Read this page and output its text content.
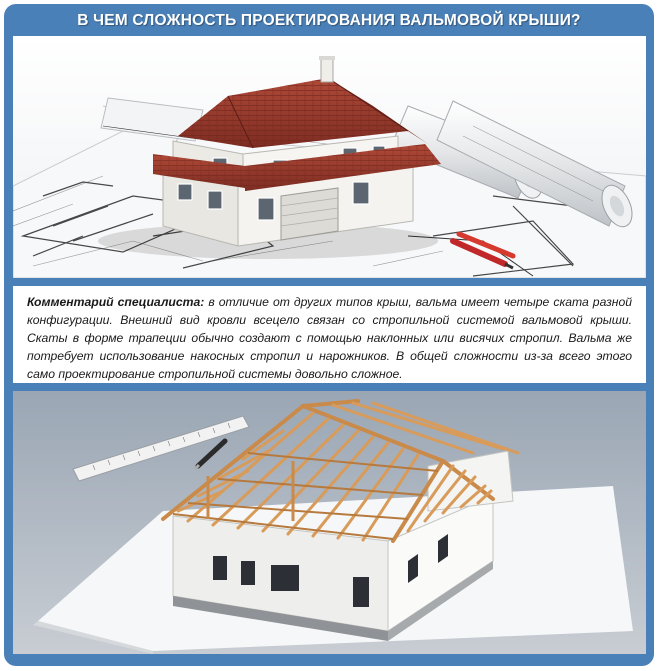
В ЧЕМ СЛОЖНОСТЬ ПРОЕКТИРОВАНИЯ ВАЛЬМОВОЙ КРЫШИ?

Комментарий специалиста: в отличие от других типов крыш, вальма имеет четыре ската разной конфигурации. Внешний вид кровли всецело связан со стропильной системой вальмовой крыши. Скаты в форме трапеции обычно создают с помощью наклонных или висячих стропил. Вальма же потребует использование накосных стропил и нарожников. В общей сложности из-за всего этого само проектирование стропильной системы довольно сложное.
